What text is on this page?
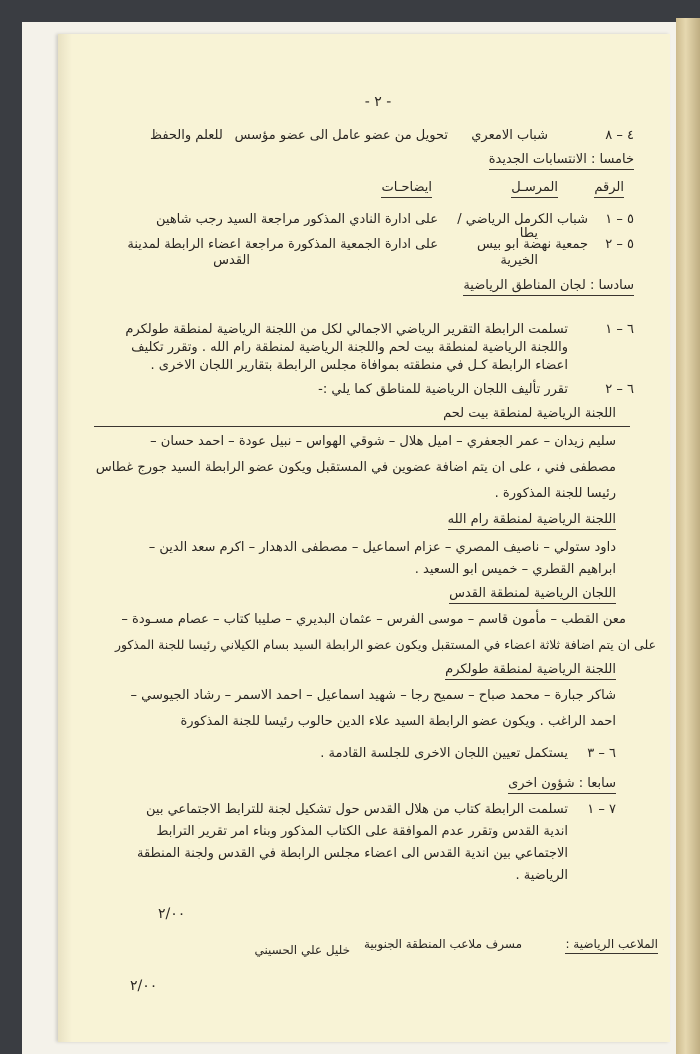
- ٢ -
٤ – ٨
شباب الامعري
تحويل من عضو عامل الى عضو مؤسس
للعلم والحفظ
خامسا : الانتسابات الجديدة
الرقم
المرسـل
ايضاحـات
٥ – ١
شباب الكرمل الرياضي /
يطا
على ادارة النادي المذكور مراجعة السيد رجب شاهين
٥ – ٢
جمعية نهضة ابو بيس
الخيرية
على ادارة الجمعية المذكورة مراجعة اعضاء الرابطة لمدينة
القدس
سادسا : لجان المناطق الرياضية
٦ – ١
تسلمت الرابطة التقرير الرياضي الاجمالي لكل من اللجنة الرياضية لمنطقة طولكرم
واللجنة الرياضية لمنطقة بيت لحم واللجنة الرياضية لمنطقة رام الله . وتقرر تكليف
اعضاء الرابطة كـل في منطقته بموافاة مجلس الرابطة بتقارير اللجان الاخرى .
٦ – ٢
تقرر تأليف اللجان الرياضية للمناطق كما يلي :-
اللجنة الرياضية لمنطقة بيت لحم
سليم زيدان – عمر الجعفري – اميل هلال – شوقي الهواس – نبيل عودة – احمد حسان –
مصطفى فني ، على ان يتم اضافة عضوين في المستقبل ويكون عضو الرابطة السيد جورج غطاس
رئيسا للجنة المذكورة .
اللجنة الرياضية لمنطقة رام الله
داود ستولي – ناصيف المصري – عزام اسماعيل – مصطفى الدهدار – اكرم سعد الدين –
ابراهيم القطري – خميس ابو السعيد .
اللجان الرياضية لمنطقة القدس
معن القطب – مأمون قاسم – موسى الفرس – عثمان البديري – صليبا كتاب – عصام مسـودة –
على ان يتم اضافة ثلاثة اعضاء في المستقبل ويكون عضو الرابطة السيد بسام الكيلاني رئيسا للجنة المذكور
اللجنة الرياضية لمنطقة طولكرم
شاكر جبارة – محمد صباح – سميح رجا – شهيد اسماعيل – احمد الاسمر – رشاد الجيوسي –
احمد الراغب . ويكون عضو الرابطة السيد علاء الدين حالوب رئيسا للجنة المذكورة
٦ – ٣
يستكمل تعيين اللجان الاخرى للجلسة القادمة .
سابعا : شؤون اخرى
٧ – ١
تسلمت الرابطة كتاب من هلال القدس حول تشكيل لجنة للترابط الاجتماعي بين
اندية القدس وتقرر عدم الموافقة على الكتاب المذكور وبناء امر تقرير الترابط
الاجتماعي بين اندية القدس الى اعضاء مجلس الرابطة في القدس ولجنة المنطقة
الرياضية .
٢/٠٠
الملاعب الرياضية :
مسرف ملاعب المنطقة الجنوبية
خليل علي الحسيني
٢/٠٠
